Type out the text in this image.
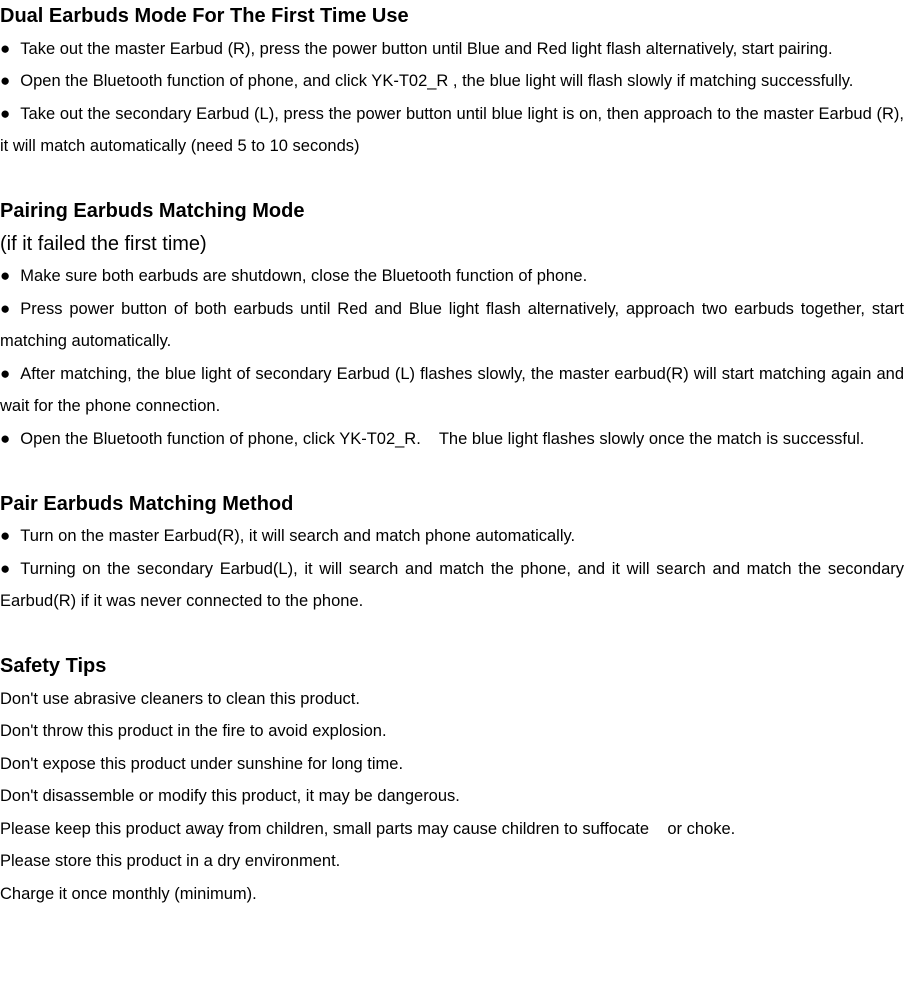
Dual Earbuds Mode For The First Time Use
● Take out the master Earbud (R), press the power button until Blue and Red light flash alternatively, start pairing.
● Open the Bluetooth function of phone, and click YK-T02_R , the blue light will flash slowly if matching successfully.
● Take out the secondary Earbud (L), press the power button until blue light is on, then approach to the master Earbud (R), it will match automatically (need 5 to 10 seconds)
Pairing Earbuds Matching Mode
(if it failed the first time)
● Make sure both earbuds are shutdown, close the Bluetooth function of phone.
● Press power button of both earbuds until Red and Blue light flash alternatively, approach two earbuds together, start matching automatically.
● After matching, the blue light of secondary Earbud (L) flashes slowly, the master earbud(R) will start matching again and wait for the phone connection.
● Open the Bluetooth function of phone, click YK-T02_R.    The blue light flashes slowly once the match is successful.
Pair Earbuds Matching Method
● Turn on the master Earbud(R), it will search and match phone automatically.
● Turning on the secondary Earbud(L), it will search and match the phone, and it will search and match the secondary Earbud(R) if it was never connected to the phone.
Safety Tips
Don't use abrasive cleaners to clean this product.
Don't throw this product in the fire to avoid explosion.
Don't expose this product under sunshine for long time.
Don't disassemble or modify this product, it may be dangerous.
Please keep this product away from children, small parts may cause children to suffocate    or choke.
Please store this product in a dry environment.
Charge it once monthly (minimum).
